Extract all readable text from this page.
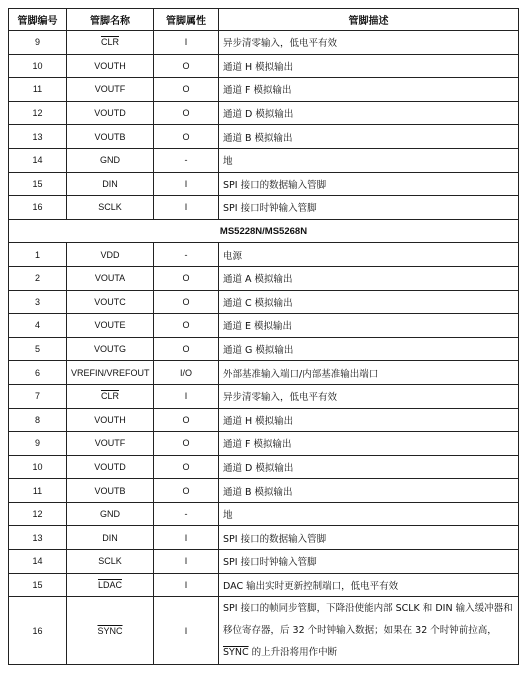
管脚编号	管脚名称	管脚属性	管脚描述
9	$\overline{CLR}$	I	异步清零输入，低电平有效
10	VOUTH	O	通道 H 模拟输出
11	VOUTF	O	通道 F 模拟输出
12	VOUTD	O	通道 D 模拟输出
13	VOUTB	O	通道 B 模拟输出
14	GND	-	地
15	DIN	I	SPI 接口的数据输入管脚
16	SCLK	I	SPI 接口时钟输入管脚
MS5228N/MS5268N			
1	VDD	-	电源
2	VOUTA	O	通道 A 模拟输出
3	VOUTC	O	通道 C 模拟输出
4	VOUTE	O	通道 E 模拟输出
5	VOUTG	O	通道 G 模拟输出
6	VREFIN/VREFOUT	I/O	外部基准输入端口/内部基准输出端口
7	$\overline{CLR}$	I	异步清零输入，低电平有效
8	VOUTH	O	通道 H 模拟输出
9	VOUTF	O	通道 F 模拟输出
10	VOUTD	O	通道 D 模拟输出
11	VOUTB	O	通道 B 模拟输出
12	GND	-	地
13	DIN	I	SPI 接口的数据输入管脚
14	SCLK	I	SPI 接口时钟输入管脚
15	LDAC	I	DAC 输出实时更新控制端口，低电平有效
16	SYNC	I	SPI 接口的帧同步管脚，下降沿使能内部 SCLK 和 DIN 输入缓冲器和移位寄存器，后 32 个时钟输入数据；如果在 32 个时钟前拉高，SYNC 的上升沿将用作中断
